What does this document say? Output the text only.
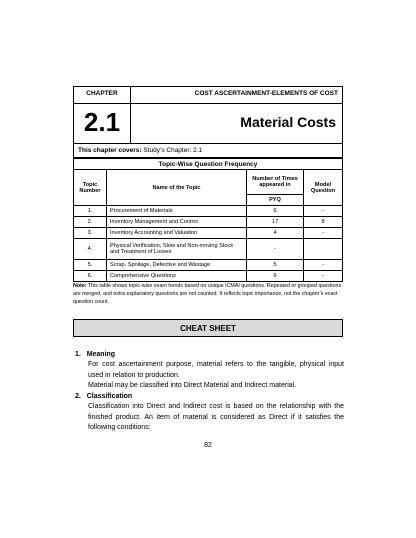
CHAPTER	COST ASCERTAINMENT-ELEMENTS OF COST
2.1	Material Costs
This chapter covers: Study’s Chapter: 2.1
Topic-Wise Question Frequency			
Topic Number	Name of the Topic	Number of Times appeared in	Model Question
		PYQ	
1.	Procurement of Materials	6	-
2.	Inventory Management and Control	17	8
3.	Inventory Accounting and Valuation	4	-
4.	Physical Verification, Slow and Non-moving Stock and Treatment of Losses	-	
5.	Scrap, Spoilage, Defective and Wastage	5	-
6.	Comprehensive Questions	6	-
Note: This table shows topic-wise exam trends based on unique ICMAI questions. Repeated or grouped questions are merged, and extra explanatory questions are not counted. It reflects topic importance, not the chapter’s exact question count.
CHEAT SHEET
1. Meaning
For cost ascertainment purpose, material refers to the tangible, physical input used in relation to production.
Material may be classified into Direct Material and Indirect material.
2. Classification
Classification into Direct and Indirect cost is based on the relationship with the finished product. An item of material is considered as Direct if it satisfies the following conditions:
82
